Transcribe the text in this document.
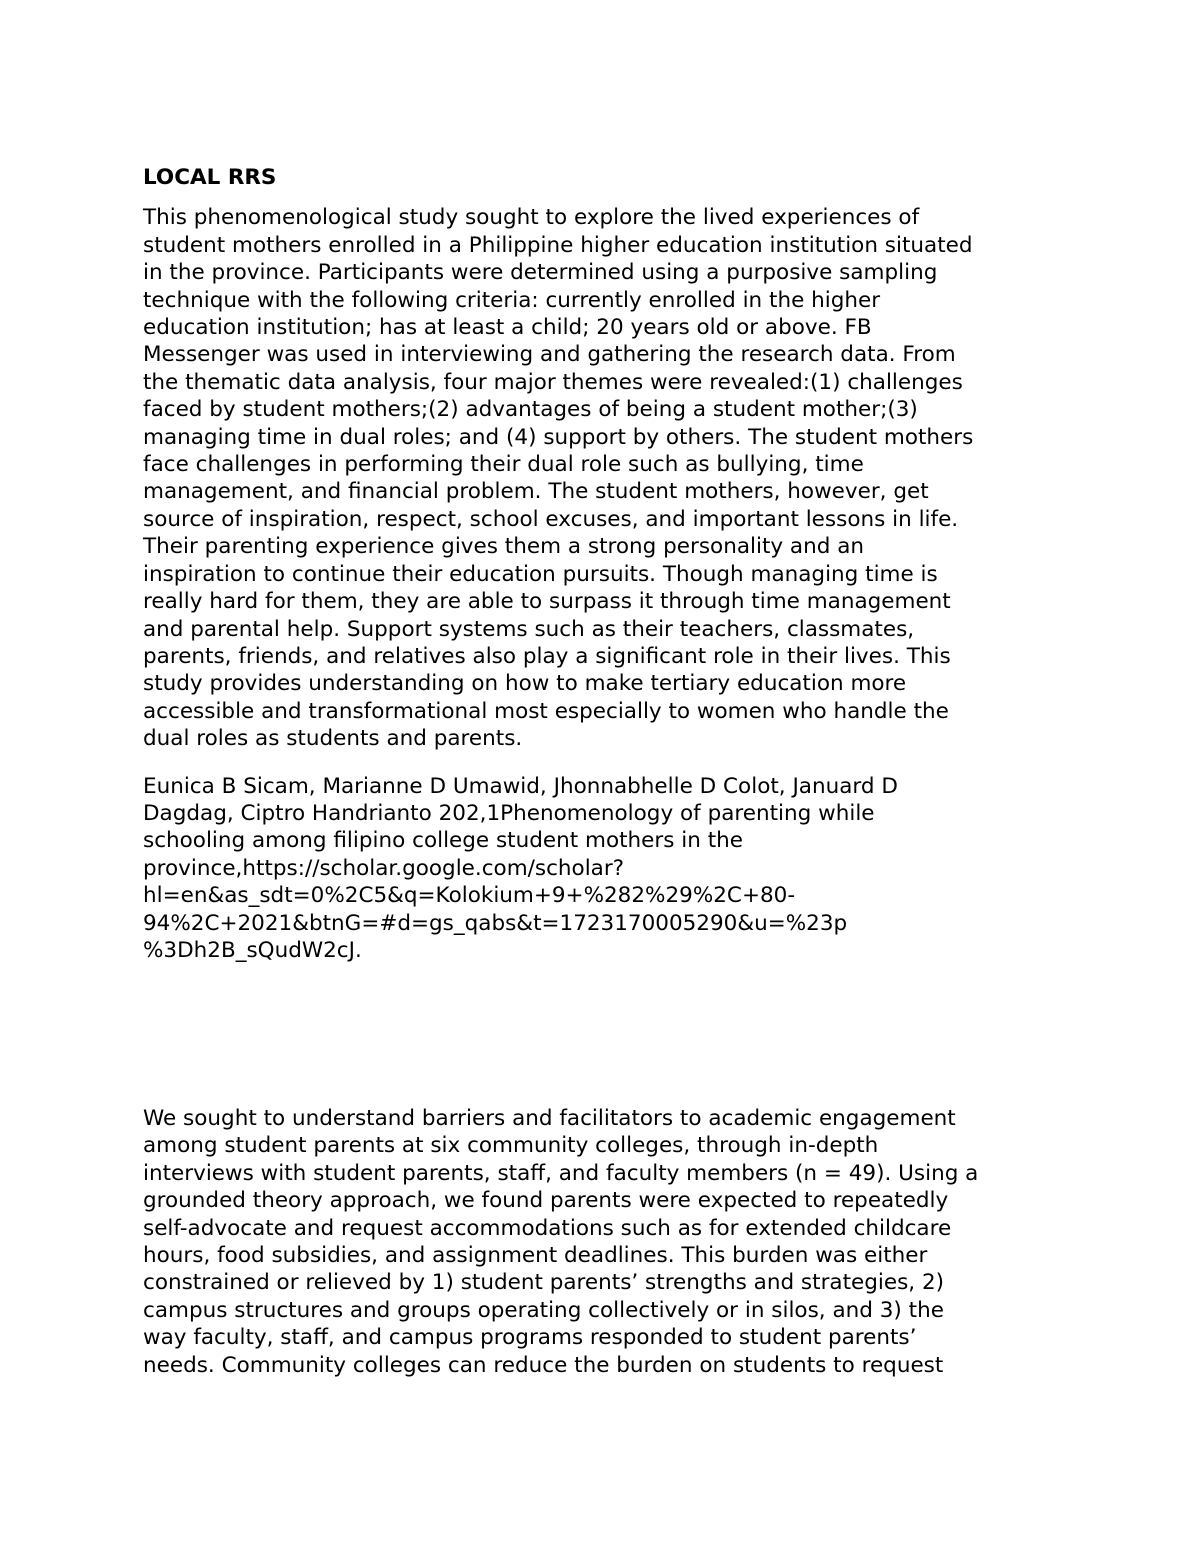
LOCAL RRS

This phenomenological study sought to explore the lived experiences of
student mothers enrolled in a Philippine higher education institution situated
in the province. Participants were determined using a purposive sampling
technique with the following criteria: currently enrolled in the higher
education institution; has at least a child; 20 years old or above. FB
Messenger was used in interviewing and gathering the research data. From
the thematic data analysis, four major themes were revealed:(1) challenges
faced by student mothers;(2) advantages of being a student mother;(3)
managing time in dual roles; and (4) support by others. The student mothers
face challenges in performing their dual role such as bullying, time
management, and financial problem. The student mothers, however, get
source of inspiration, respect, school excuses, and important lessons in life.
Their parenting experience gives them a strong personality and an
inspiration to continue their education pursuits. Though managing time is
really hard for them, they are able to surpass it through time management
and parental help. Support systems such as their teachers, classmates,
parents, friends, and relatives also play a significant role in their lives. This
study provides understanding on how to make tertiary education more
accessible and transformational most especially to women who handle the
dual roles as students and parents.

Eunica B Sicam, Marianne D Umawid, Jhonnabhelle D Colot, Januard D
Dagdag, Ciptro Handrianto 202,1Phenomenology of parenting while
schooling among filipino college student mothers in the
province,https://scholar.google.com/scholar?
hl=en&as_sdt=0%2C5&q=Kolokium+9+%282%29%2C+80-
94%2C+2021&btnG=#d=gs_qabs&t=1723170005290&u=%23p
%3Dh2B_sQudW2cJ.

We sought to understand barriers and facilitators to academic engagement
among student parents at six community colleges, through in-depth
interviews with student parents, staff, and faculty members (n = 49). Using a
grounded theory approach, we found parents were expected to repeatedly
self-advocate and request accommodations such as for extended childcare
hours, food subsidies, and assignment deadlines. This burden was either
constrained or relieved by 1) student parents’ strengths and strategies, 2)
campus structures and groups operating collectively or in silos, and 3) the
way faculty, staff, and campus programs responded to student parents’
needs. Community colleges can reduce the burden on students to request
